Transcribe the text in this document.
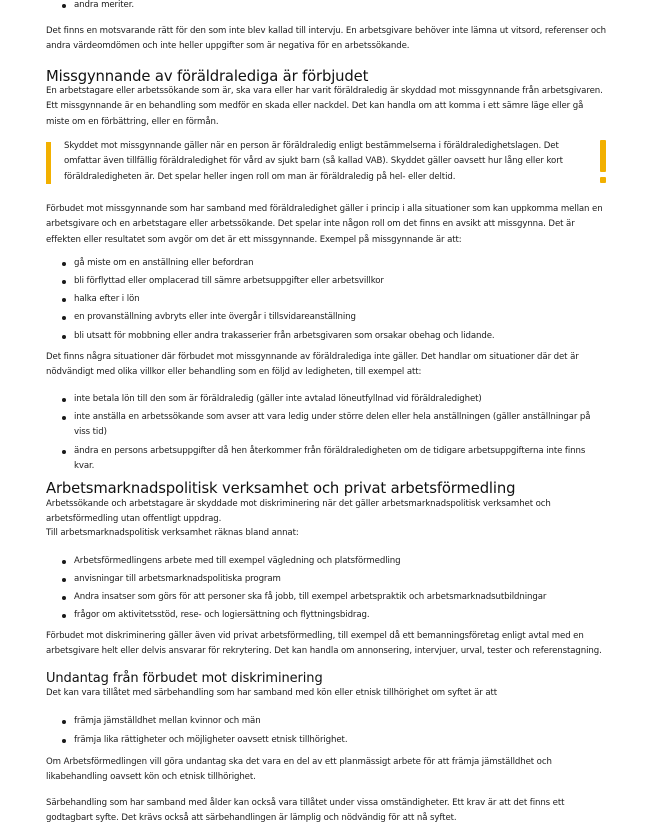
andra meriter.

Det finns en motsvarande rätt för den som inte blev kallad till intervju. En arbetsgivare behöver inte lämna ut vitsord, referenser och andra värdeomdömen och inte heller uppgifter som är negativa för en arbetssökande.

Missgynnande av föräldralediga är förbjudet

En arbetstagare eller arbetssökande som är, ska vara eller har varit föräldraledig är skyddad mot missgynnande från arbetsgivaren. Ett missgynnande är en behandling som medför en skada eller nackdel. Det kan handla om att komma i ett sämre läge eller gå miste om en förbättring, eller en förmån.

Skyddet mot missgynnande gäller när en person är föräldraledig enligt bestämmelserna i föräldraledighetslagen. Det omfattar även tillfällig föräldraledighet för vård av sjukt barn (så kallad VAB). Skyddet gäller oavsett hur lång eller kort föräldraledigheten är. Det spelar heller ingen roll om man är föräldraledig på hel- eller deltid.

Förbudet mot missgynnande som har samband med föräldraledighet gäller i princip i alla situationer som kan uppkomma mellan en arbetsgivare och en arbetstagare eller arbetssökande. Det spelar inte någon roll om det finns en avsikt att missgynna. Det är effekten eller resultatet som avgör om det är ett missgynnande. Exempel på missgynnande är att:

gå miste om en anställning eller befordran
bli förflyttad eller omplacerad till sämre arbetsuppgifter eller arbetsvillkor
halka efter i lön
en provanställning avbryts eller inte övergår i tillsvidareanställning
bli utsatt för mobbning eller andra trakasserier från arbetsgivaren som orsakar obehag och lidande.

Det finns några situationer där förbudet mot missgynnande av föräldralediga inte gäller. Det handlar om situationer där det är nödvändigt med olika villkor eller behandling som en följd av ledigheten, till exempel att:

inte betala lön till den som är föräldraledig (gäller inte avtalad löneutfyllnad vid föräldraledighet)
inte anställa en arbetssökande som avser att vara ledig under större delen eller hela anställningen (gäller anställningar på viss tid)
ändra en persons arbetsuppgifter då hen återkommer från föräldraledigheten om de tidigare arbetsuppgifterna inte finns kvar.
Arbetsmarknadspolitisk verksamhet och privat arbetsförmedling

Arbetssökande och arbetstagare är skyddade mot diskriminering när det gäller arbetsmarknadspolitisk verksamhet och arbetsförmedling utan offentligt uppdrag.

Till arbetsmarknadspolitisk verksamhet räknas bland annat:

Arbetsförmedlingens arbete med till exempel vägledning och platsförmedling
anvisningar till arbetsmarknadspolitiska program
Andra insatser som görs för att personer ska få jobb, till exempel arbetspraktik och arbetsmarknadsutbildningar
frågor om aktivitetsstöd, rese- och logiersättning och flyttningsbidrag.

Förbudet mot diskriminering gäller även vid privat arbetsförmedling, till exempel då ett bemanningsföretag enligt avtal med en arbetsgivare helt eller delvis ansvarar för rekrytering. Det kan handla om annonsering, intervjuer, urval, tester och referenstagning.

Undantag från förbudet mot diskriminering

Det kan vara tillåtet med särbehandling som har samband med kön eller etnisk tillhörighet om syftet är att

främja jämställdhet mellan kvinnor och män
främja lika rättigheter och möjligheter oavsett etnisk tillhörighet.

Om Arbetsförmedlingen vill göra undantag ska det vara en del av ett planmässigt arbete för att främja jämställdhet och likabehandling oavsett kön och etnisk tillhörighet.

Särbehandling som har samband med ålder kan också vara tillåtet under vissa omständigheter. Ett krav är att det finns ett godtagbart syfte. Det krävs också att särbehandlingen är lämplig och nödvändig för att nå syftet.
